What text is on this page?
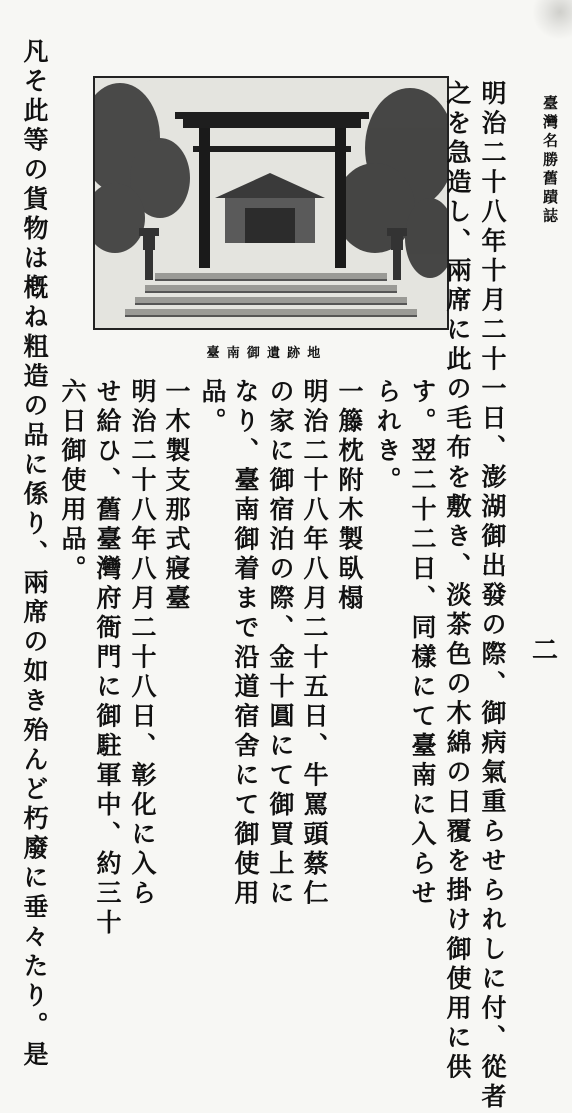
臺灣名勝舊蹟誌
二
臺南御遺跡地	明治二十八年十月二十一日、澎湖御出發の際、御病氣重らせられしに付、從者
之を急造し、兩席に此の毛布を敷き、淡茶色の木綿の日覆を掛け御使用に供
す。翌二十二日、同樣にて臺南に入らせ
られき。
一籐枕附木製臥榻
明治二十八年八月二十五日、牛罵頭蔡仁
の家に御宿泊の際、金十圓にて御買上に
なり、臺南御着まで沿道宿舍にて御使用
品。
一木製支那式寢臺
明治二十八年八月二十八日、彰化に入ら
せ給ひ、舊臺灣府衙門に御駐軍中、約三十
六日御使用品。
凡そ此等の貨物は槪ね粗造の品に係り、兩席の如き殆んど朽廢に垂々たり。是
